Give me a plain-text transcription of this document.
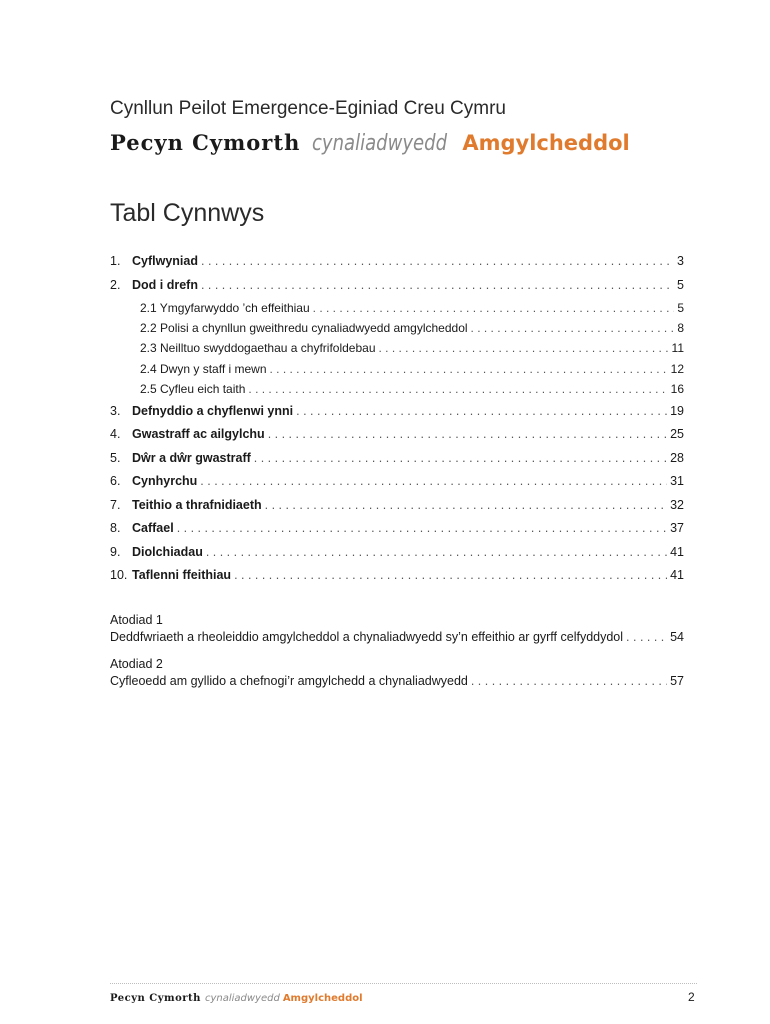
Cynllun Peilot Emergence-Eginiad Creu Cymru
Pecyn Cymorth cynaliadwyedd Amgylcheddol
Tabl Cynnwys
1. Cyflwyniad . . .	3
2. Dod i drefn . . .	5
2.1 Ymgyfarwyddo ’ch effeithiau . . .	5
2.2 Polisi a chynllun gweithredu cynaliadwyedd amgylcheddol . . .	8
2.3 Neilltuo swyddogaethau a chyfrifoldebau . . .	11
2.4 Dwyn y staff i mewn . . .	12
2.5 Cyfleu eich taith . . .	16
3. Defnyddio a chyflenwi ynni . . .	19
4. Gwastraff ac ailgylchu . . .	25
5. Dŵr a dŵr gwastraff . . .	28
6. Cynhyrchu . . .	31
7. Teithio a thrafnidiaeth . . .	32
8. Caffael . . .	37
9. Diolchiadau . . .	41
10. Taflenni ffeithiau . . .	41
Atodiad 1
Deddfwriaeth a rheoleiddio amgylcheddol a chynaliadwyedd sy’n effeithio ar gyrff celfyddydol . . .	54
Atodiad 2
Cyfleoedd am gyllido a chefnogi’r amgylchedd a chynaliadwyedd . . .	57
Pecyn Cymorth cynaliadwyedd Amgylcheddol	2
